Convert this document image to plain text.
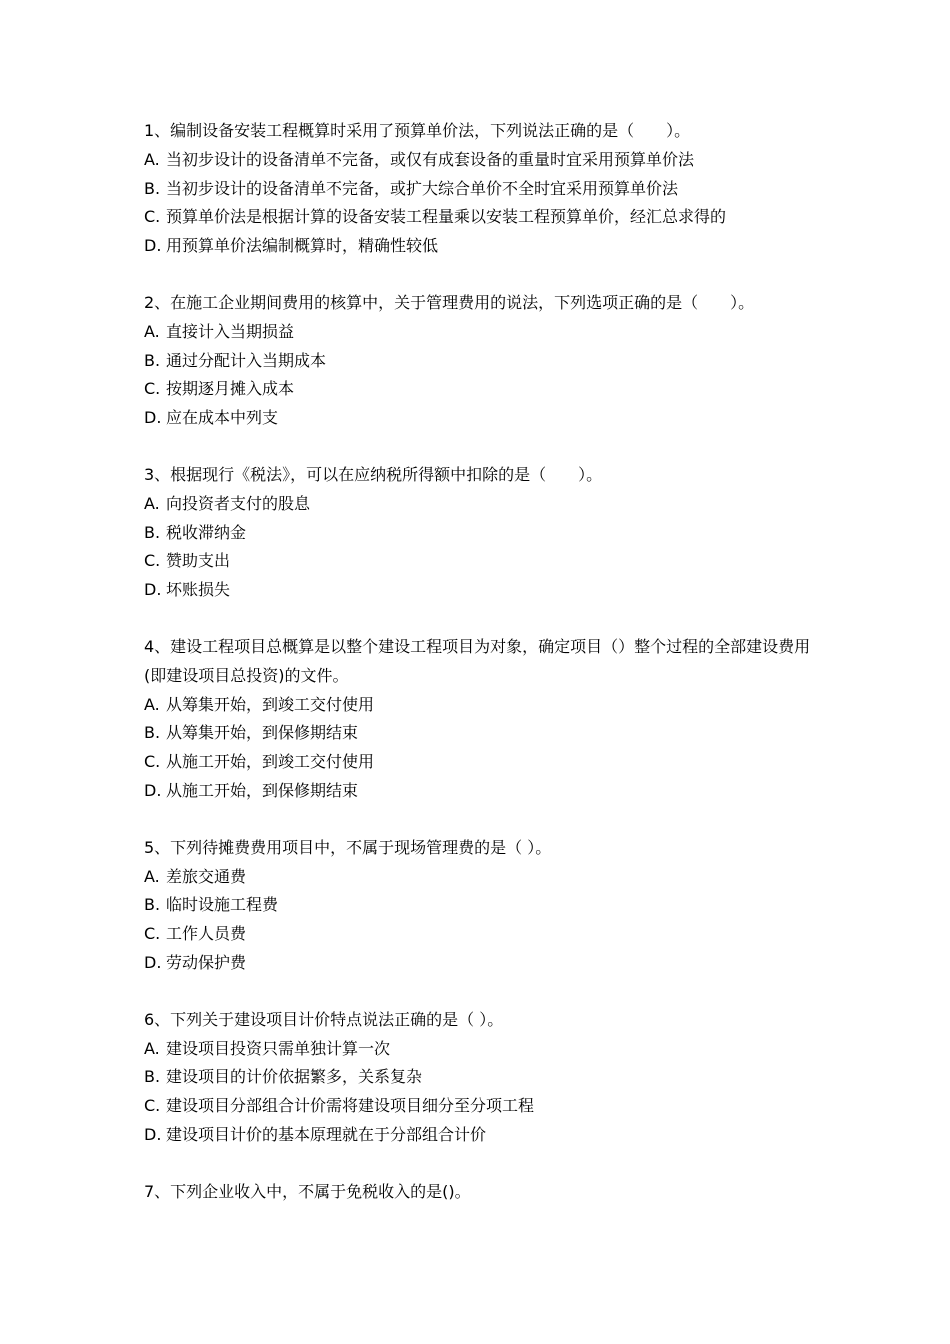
1、编制设备安装工程概算时采用了预算单价法，下列说法正确的是（　　）。
A. 当初步设计的设备清单不完备，或仅有成套设备的重量时宜采用预算单价法
B. 当初步设计的设备清单不完备，或扩大综合单价不全时宜采用预算单价法
C. 预算单价法是根据计算的设备安装工程量乘以安装工程预算单价，经汇总求得的
D. 用预算单价法编制概算时，精确性较低
2、在施工企业期间费用的核算中，关于管理费用的说法，下列选项正确的是（　　）。
A. 直接计入当期损益
B. 通过分配计入当期成本
C. 按期逐月摊入成本
D. 应在成本中列支
3、根据现行《税法》，可以在应纳税所得额中扣除的是（　　）。
A. 向投资者支付的股息
B. 税收滞纳金
C. 赞助支出
D. 坏账损失
4、建设工程项目总概算是以整个建设工程项目为对象，确定项目（）整个过程的全部建设费用(即建设项目总投资)的文件。
A. 从筹集开始，到竣工交付使用
B. 从筹集开始，到保修期结束
C. 从施工开始，到竣工交付使用
D. 从施工开始，到保修期结束
5、下列待摊费费用项目中，不属于现场管理费的是（ ）。
A. 差旅交通费
B. 临时设施工程费
C. 工作人员费
D. 劳动保护费
6、下列关于建设项目计价特点说法正确的是（ ）。
A. 建设项目投资只需单独计算一次
B. 建设项目的计价依据繁多，关系复杂
C. 建设项目分部组合计价需将建设项目细分至分项工程
D. 建设项目计价的基本原理就在于分部组合计价
7、下列企业收入中，不属于免税收入的是()。
